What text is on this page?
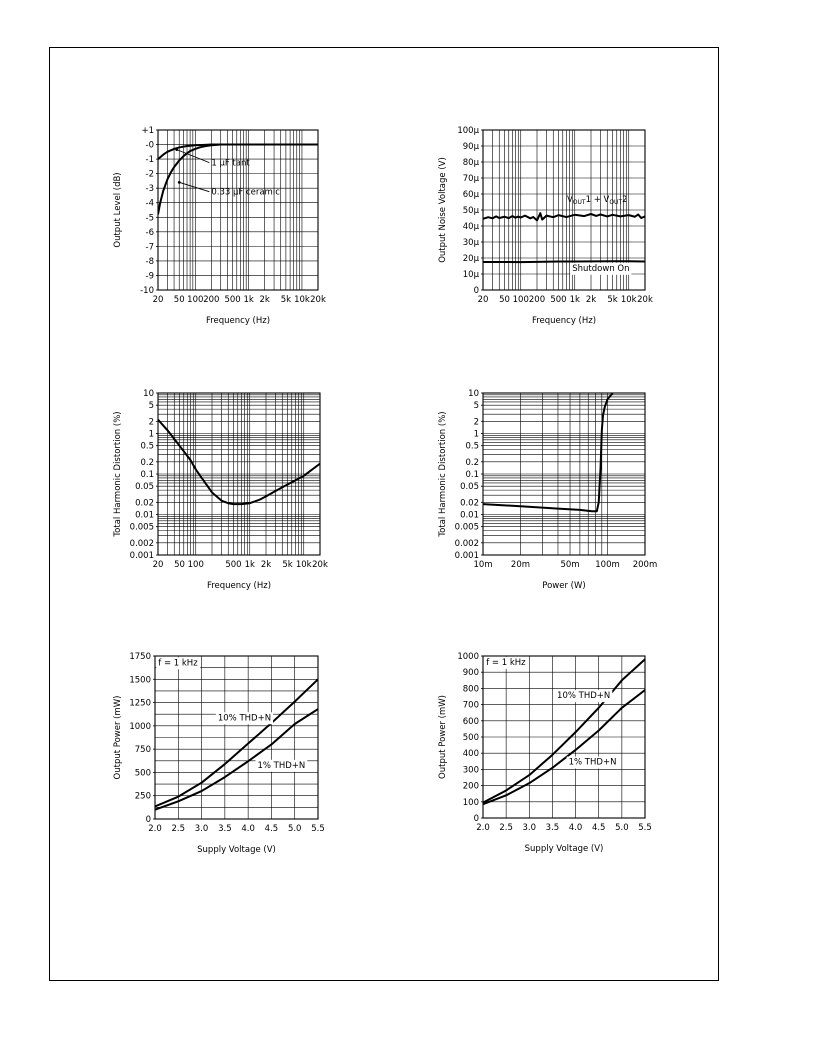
+1
-0
-1
-2
-3
-4
-5
-6
-7
-8
-9
-10
20 50 100 200 500 1k 2k 5k 10k 20k
Frequency (Hz)
Output Level (dB)
1 µF tant
0.33 µF ceramic
0
10µ
20µ
30µ
40µ
50µ
60µ
70µ
80µ
90µ
100µ
20 50 100 200 500 1k 2k 5k 10k 20k
Frequency (Hz)
Output Noise Voltage (V)	$V_{OUT}1 + V_{OUT}2$
Shutdown On
0.001
0.002
0.005
0.01
0.02
0.05
0.1
0.2
0.5
1
2
5
10
20 50 100	500 1k 2k 5k 10k 20k
Frequency (Hz)
Total Harmonic Distortion (%)
0.001
0.002
0.005
0.01
0.02
0.05
0.1
0.2
0.5
1
2
5
10
10m 20m	50m 100m 200m
Power (W)
Total Harmonic Distortion (%)
0
250
500
750
1000
1250
1500
1750
2.0 2.5 3.0 3.5 4.0 4.5 5.0 5.5
Supply Voltage (V)
Output Power (mW)
f = 1 kHz
10% THD+N
1% THD+N
0
100
200
300
400
500
600
700
800
900
1000
2.0 2.5 3.0 3.5 4.0 4.5 5.0 5.5
Supply Voltage (V)
Output Power (mW)
f = 1 kHz
10% THD+N
1% THD+N
